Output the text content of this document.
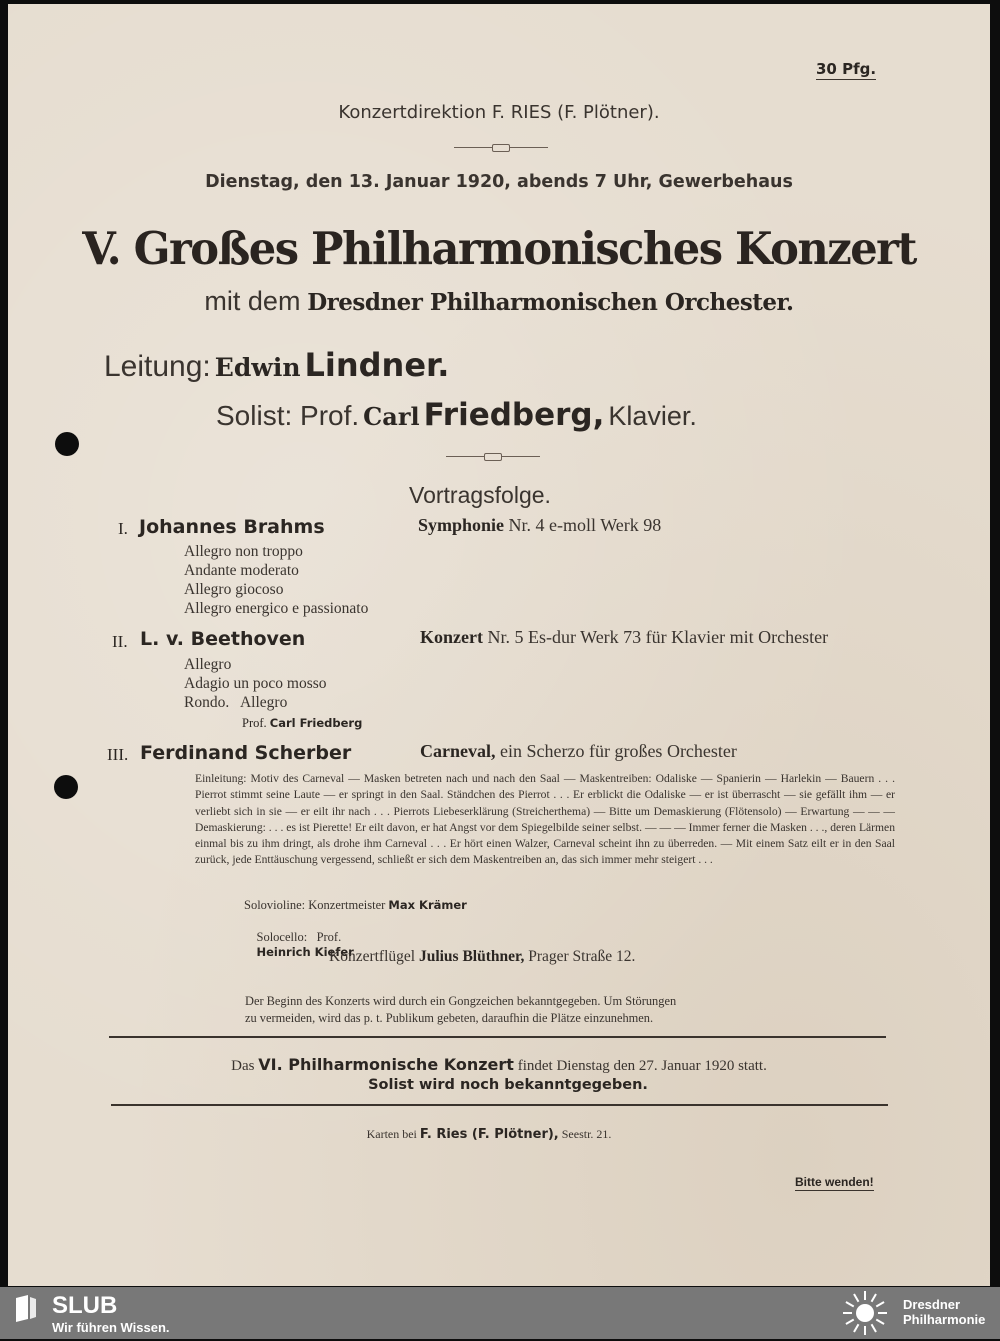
30 Pfg.
Konzertdirektion F. RIES (F. Plötner).
Dienstag, den 13. Januar 1920, abends 7 Uhr, Gewerbehaus
V. Großes Philharmonisches Konzert
mit dem Dresdner Philharmonischen Orchester.
Leitung: Edwin Lindner.
Solist: Prof. Carl Friedberg, Klavier.
Vortragsfolge.
I. Johannes Brahms	Symphonie Nr. 4 e-moll Werk 98
Allegro non troppo
Andante moderato
Allegro giocoso
Allegro energico e passionato
II. L. v. Beethoven	Konzert Nr. 5 Es-dur Werk 73 für Klavier mit Orchester
Allegro
Adagio un poco mosso
Rondo.   Allegro
Prof. Carl Friedberg
III. Ferdinand Scherber	Carneval, ein Scherzo für großes Orchester
Einleitung: Motiv des Carneval — Masken betreten nach und nach den Saal — Maskentreiben: Odaliske — Spanierin — Harlekin — Bauern . . . Pierrot stimmt seine Laute — er springt in den Saal. Ständchen des Pierrot . . . Er erblickt die Odaliske — er ist überrascht — sie gefällt ihm — er verliebt sich in sie — er eilt ihr nach . . . Pierrots Liebeserklärung (Streicherthema) — Bitte um Demaskierung (Flötensolo) — Erwartung — — — Demaskierung: . . . es ist Pierette! Er eilt davon, er hat Angst vor dem Spiegelbilde seiner selbst. — — — Immer ferner die Masken . . ., deren Lärmen einmal bis zu ihm dringt, als drohe ihm Carneval . . . Er hört einen Walzer, Carneval scheint ihn zu überreden. — Mit einem Satz eilt er in den Saal zurück, jede Enttäuschung vergessend, schließt er sich dem Maskentreiben an, das sich immer mehr steigert . . .
Solovioline: Konzertmeister Max Krämer

Solocello:   Prof.
Heinrich Kiefer

Konzertflügel Julius Blüthner, Prager Straße 12.
Der Beginn des Konzerts wird durch ein Gongzeichen bekanntgegeben. Um Störungen
zu vermeiden, wird das p. t. Publikum gebeten, daraufhin die Plätze einzunehmen.
Das VI. Philharmonische Konzert findet Dienstag den 27. Januar 1920 statt.
Solist wird noch bekanntgegeben.
Karten bei F. Ries (F. Plötner), Seestr. 21.
Bitte wenden!
SLUB
Wir führen Wissen.
Dresdner
Philharmonie
